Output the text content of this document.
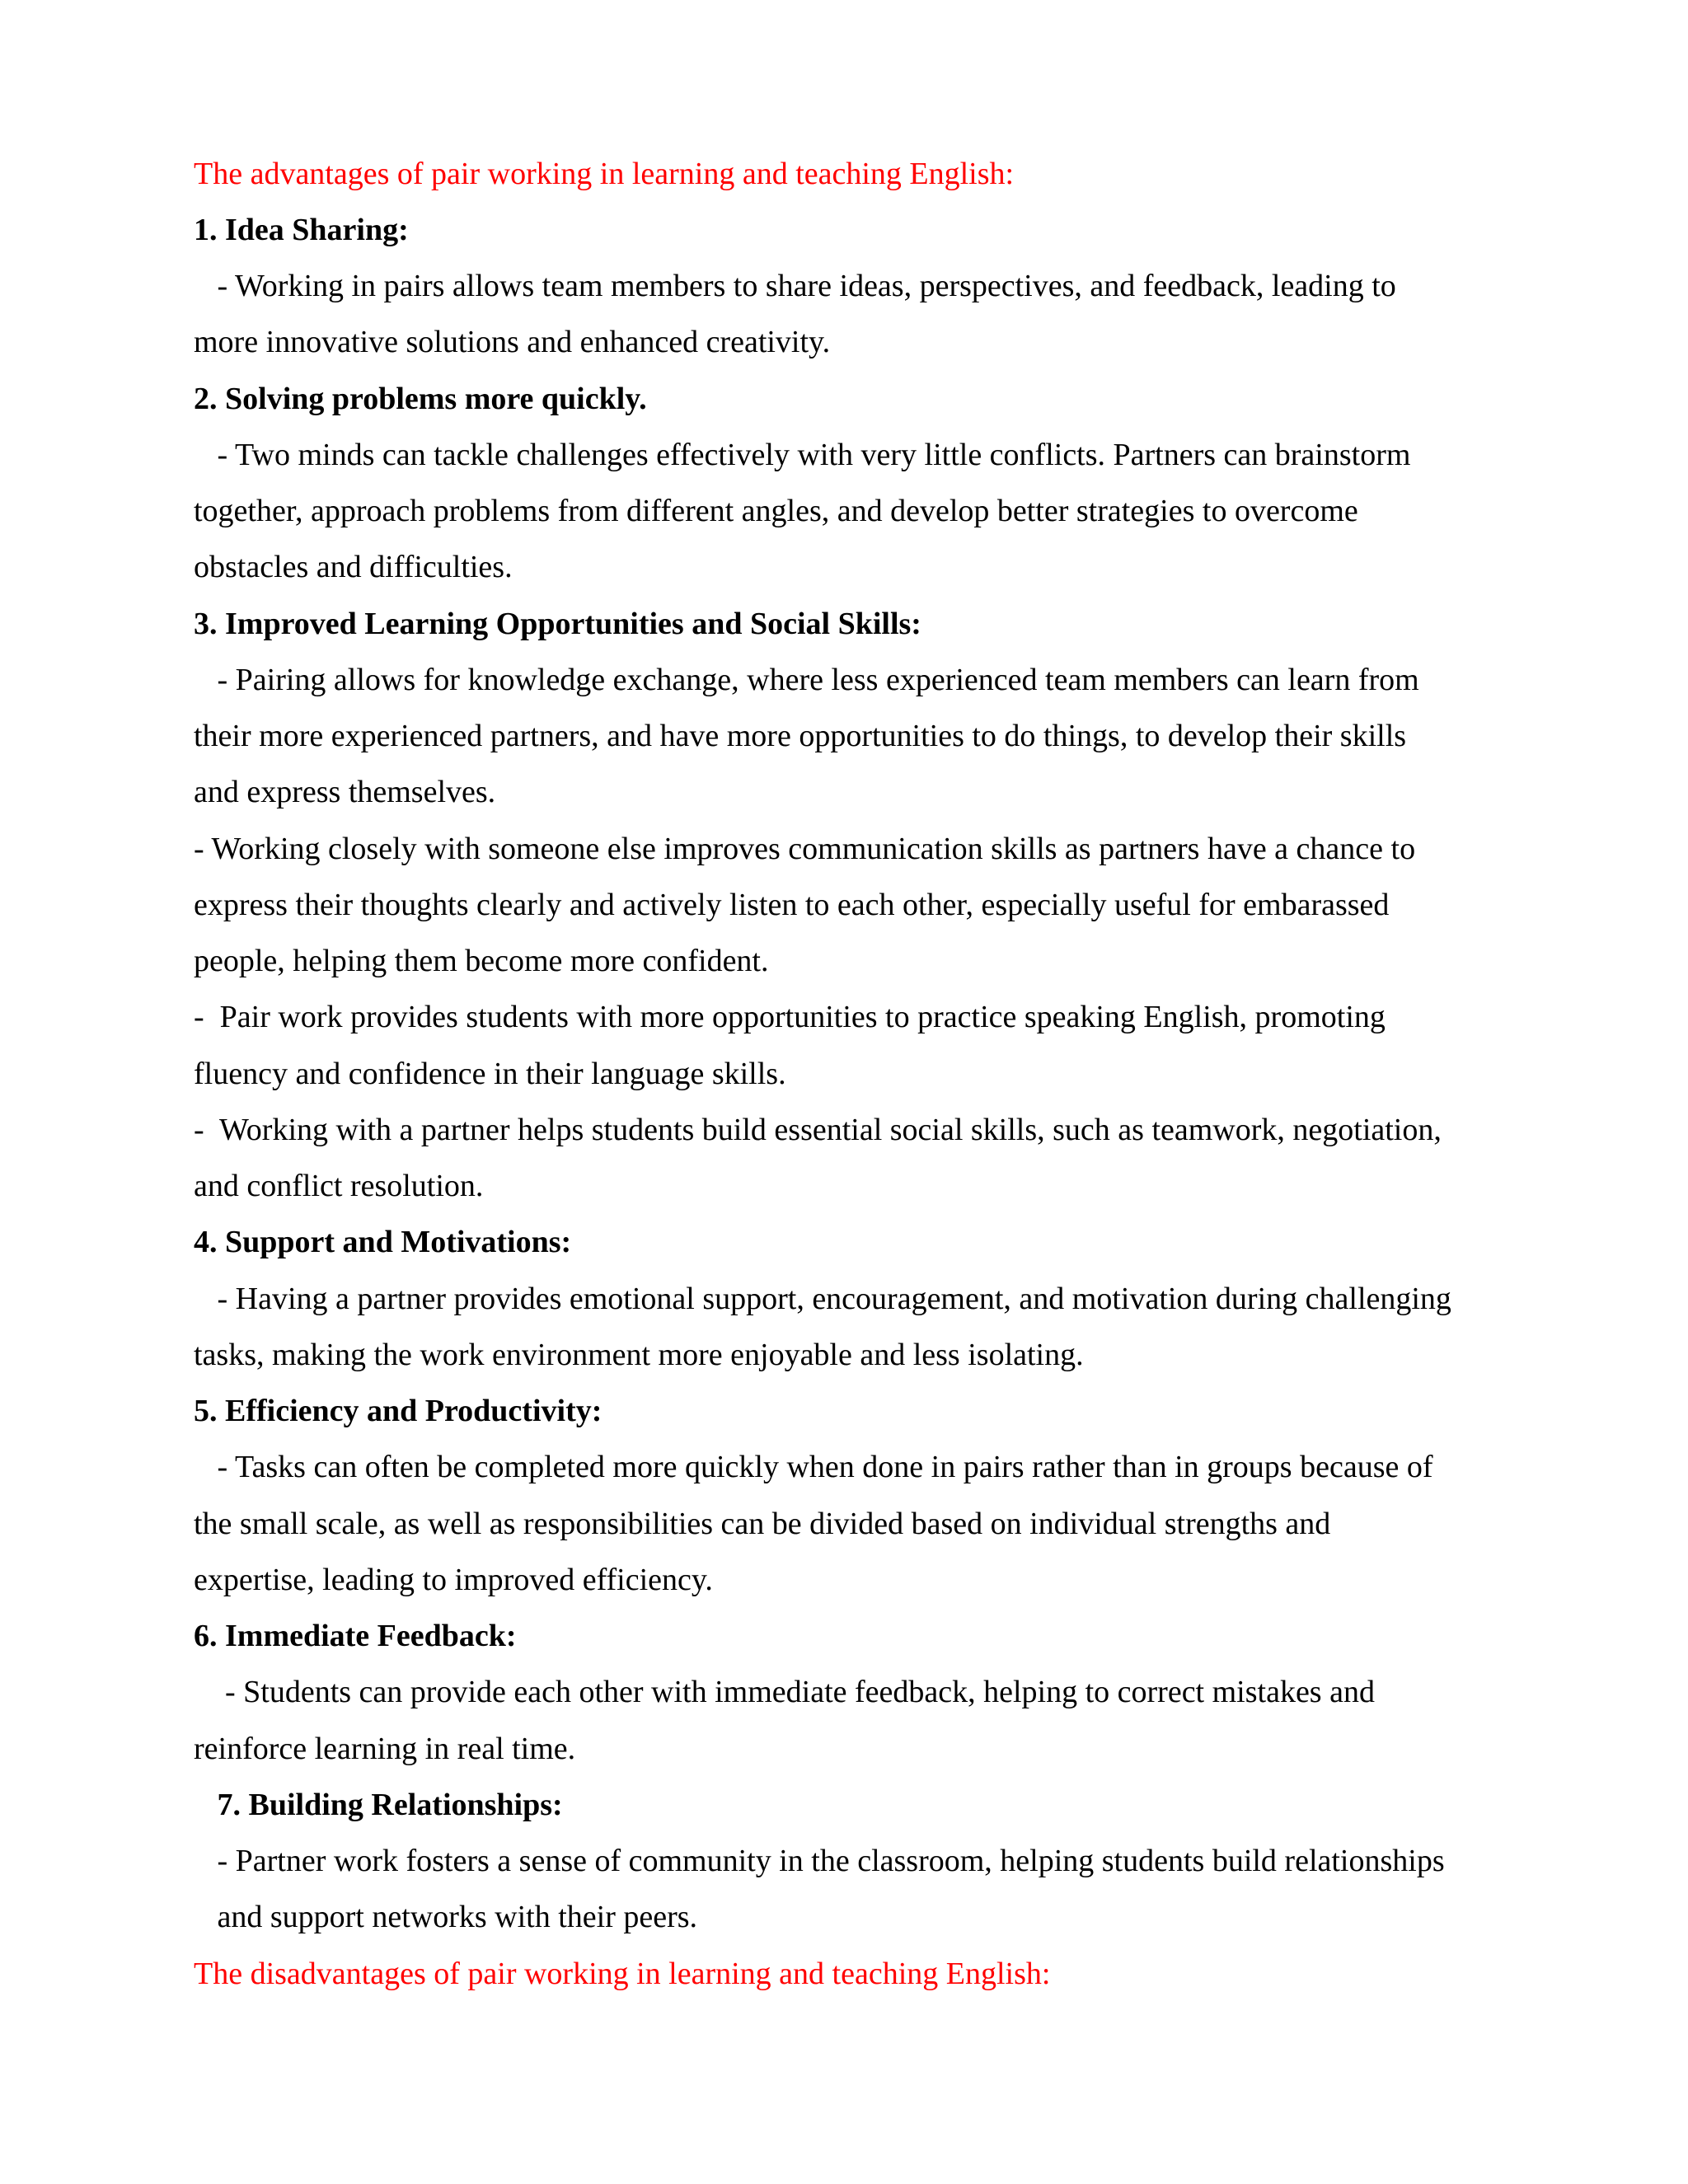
The advantages of pair working in learning and teaching English:
1. Idea Sharing:
- Working in pairs allows team members to share ideas, perspectives, and feedback, leading to
more innovative solutions and enhanced creativity.
2. Solving problems more quickly.
- Two minds can tackle challenges effectively with very little conflicts. Partners can brainstorm
together, approach problems from different angles, and develop better strategies to overcome
obstacles and difficulties.
3. Improved Learning Opportunities and Social Skills:
- Pairing allows for knowledge exchange, where less experienced team members can learn from
their more experienced partners, and have more opportunities to do things, to develop their skills
and express themselves.
- Working closely with someone else improves communication skills as partners have a chance to
express their thoughts clearly and actively listen to each other, especially useful for embarassed
people, helping them become more confident.
-  Pair work provides students with more opportunities to practice speaking English, promoting
fluency and confidence in their language skills.
-  Working with a partner helps students build essential social skills, such as teamwork, negotiation,
and conflict resolution.
4. Support and Motivations:
- Having a partner provides emotional support, encouragement, and motivation during challenging
tasks, making the work environment more enjoyable and less isolating.
5. Efficiency and Productivity:
- Tasks can often be completed more quickly when done in pairs rather than in groups because of
the small scale, as well as responsibilities can be divided based on individual strengths and
expertise, leading to improved efficiency.
6. Immediate Feedback:
- Students can provide each other with immediate feedback, helping to correct mistakes and
reinforce learning in real time.
7. Building Relationships:
- Partner work fosters a sense of community in the classroom, helping students build relationships
and support networks with their peers.
The disadvantages of pair working in learning and teaching English:
